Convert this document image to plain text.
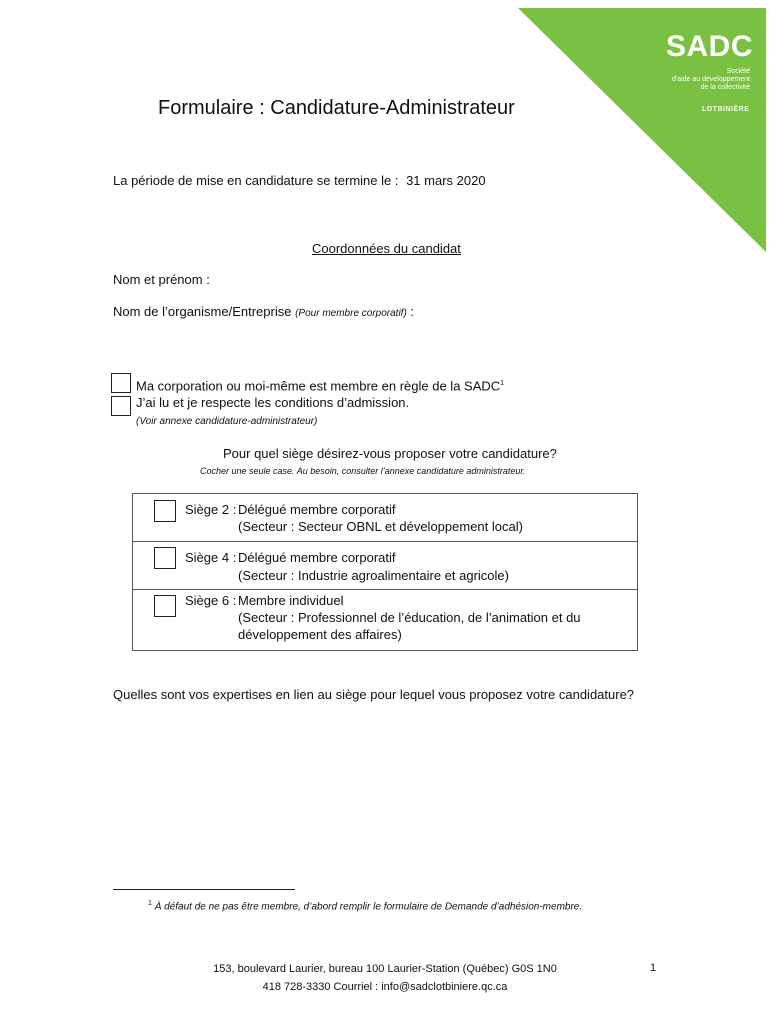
SADC
Société
d'aide au développement
de la collectivité
LOTBINIÈRE
Formulaire : Candidature-Administrateur
La période de mise en candidature se termine le : 31 mars 2020
Coordonnées du candidat
Nom et prénom :
Nom de l’organisme/Entreprise (Pour membre corporatif) :
Ma corporation ou moi-même est membre en règle de la SADC$^1$
J’ai lu et je respecte les conditions d’admission.
(Voir annexe candidature-administrateur)
Pour quel siège désirez-vous proposer votre candidature?
Cocher une seule case. Au besoin, consulter l’annexe candidature administrateur.
Siège 2 : Délégué membre corporatif
(Secteur : Secteur OBNL et développement local)
Siège 4 : Délégué membre corporatif
(Secteur : Industrie agroalimentaire et agricole)
Siège 6 : Membre individuel
(Secteur : Professionnel de l’éducation, de l’animation et du
développement des affaires)
Quelles sont vos expertises en lien au siège pour lequel vous proposez votre candidature?
$^1$ À défaut de ne pas être membre, d’abord remplir le formulaire de Demande d’adhésion-membre.
153, boulevard Laurier, bureau 100 Laurier-Station (Québec) G0S 1N0
418 728-3330 Courriel : info@sadclotbiniere.qc.ca
1
